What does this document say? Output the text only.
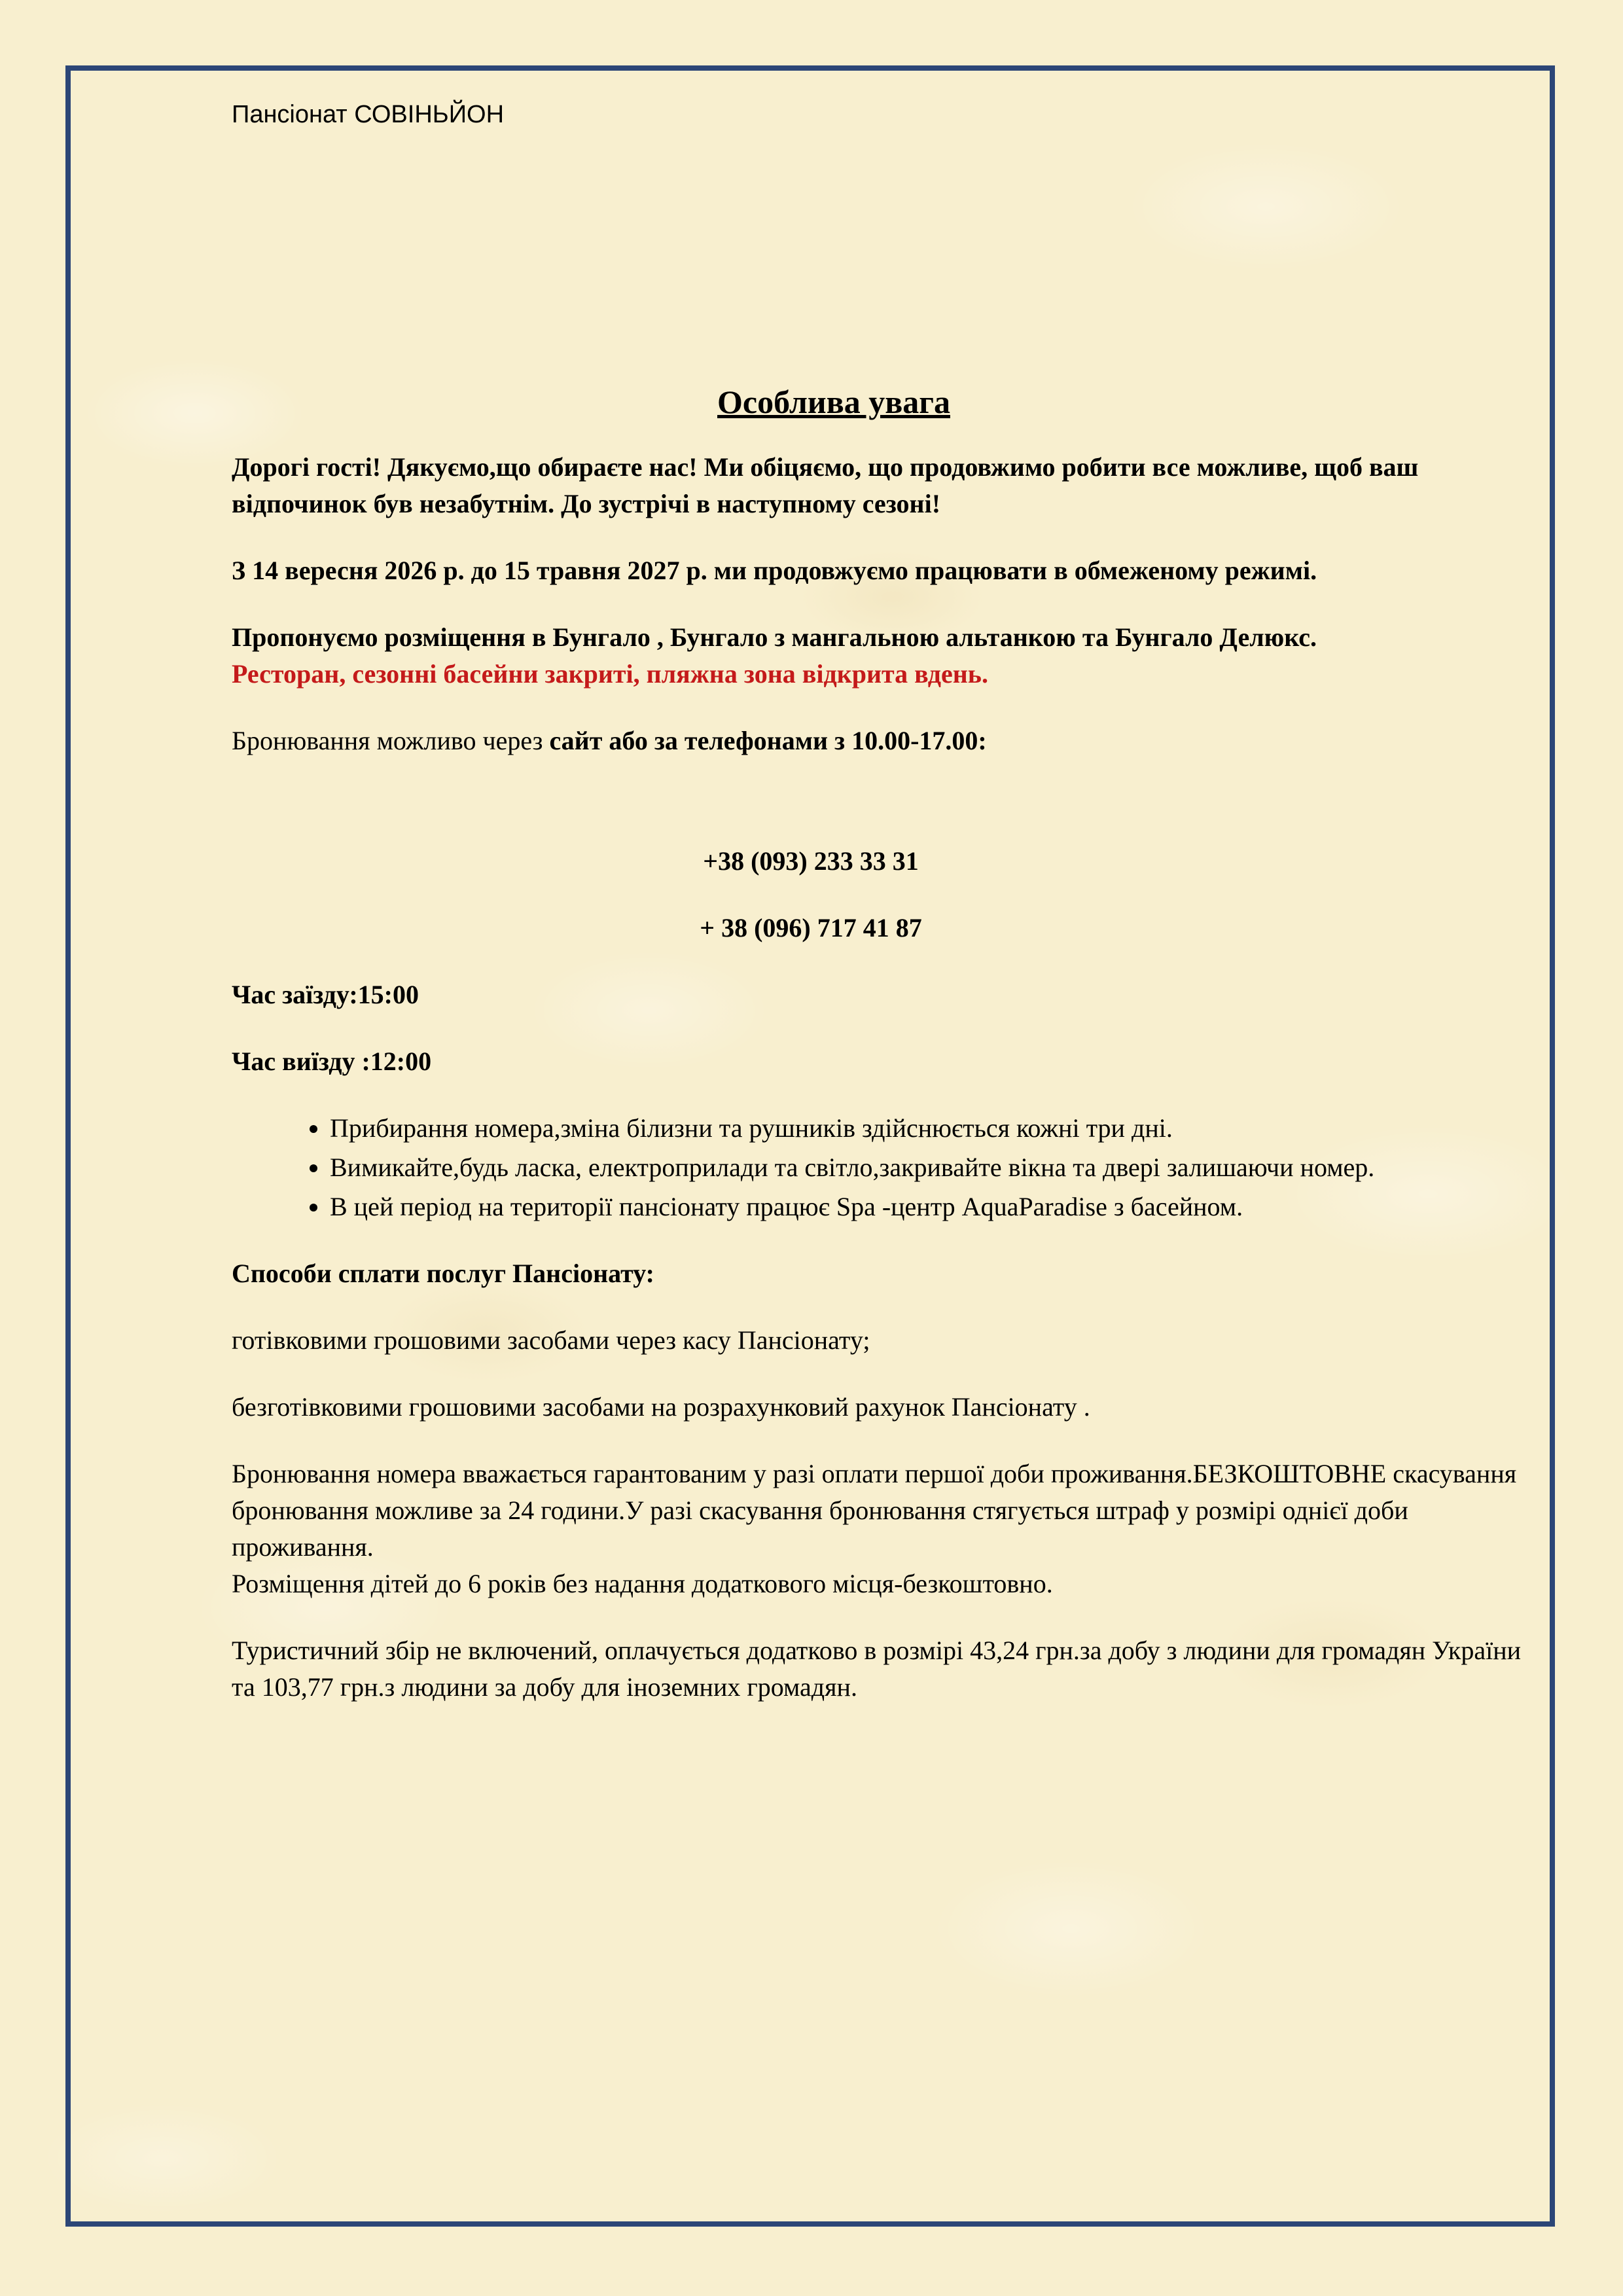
Пансіонат СОВІНЬЙОН
Особлива увага

Дорогі гості! Дякуємо,що обираєте нас! Ми обіцяємо, що продовжимо робити все можливе, щоб ваш відпочинок був незабутнім. До зустрічі в наступному сезоні!

З 14 вересня 2026 р. до 15 травня 2027 р. ми продовжуємо працювати в обмеженому режимі.

Пропонуємо розміщення в Бунгало , Бунгало з мангальною альтанкою та Бунгало Делюкс.
Ресторан, сезонні басейни закриті, пляжна зона відкрита вдень.

Бронювання можливо через сайт або за телефонами з 10.00-17.00:

+38 (093) 233 33 31
+ 38 (096) 717 41 87

Час заїзду:15:00

Час виїзду :12:00

• Прибирання номера,зміна білизни та рушників здійснюється кожні три дні.
• Вимикайте,будь ласка, електроприлади та світло,закривайте вікна та двері залишаючи номер.
• В цей період на території пансіонату працює Spa -центр AquaParadise з басейном.

Способи сплати послуг Пансіонату:

готівковими грошовими засобами через касу Пансіонату;

безготівковими грошовими засобами на розрахунковий рахунок Пансіонату .

Бронювання номера вважається гарантованим у разі оплати першої доби проживання.БЕЗКОШТОВНЕ скасування бронювання можливе за 24 години.У разі скасування бронювання стягується штраф у розмірі однієї доби проживання.

Розміщення дітей до 6 років без надання додаткового місця-безкоштовно.

Туристичний збір не включений, оплачується додатково в розмірі 43,24 грн.за добу з людини для громадян України та 103,77 грн.з людини за добу для іноземних громадян.
